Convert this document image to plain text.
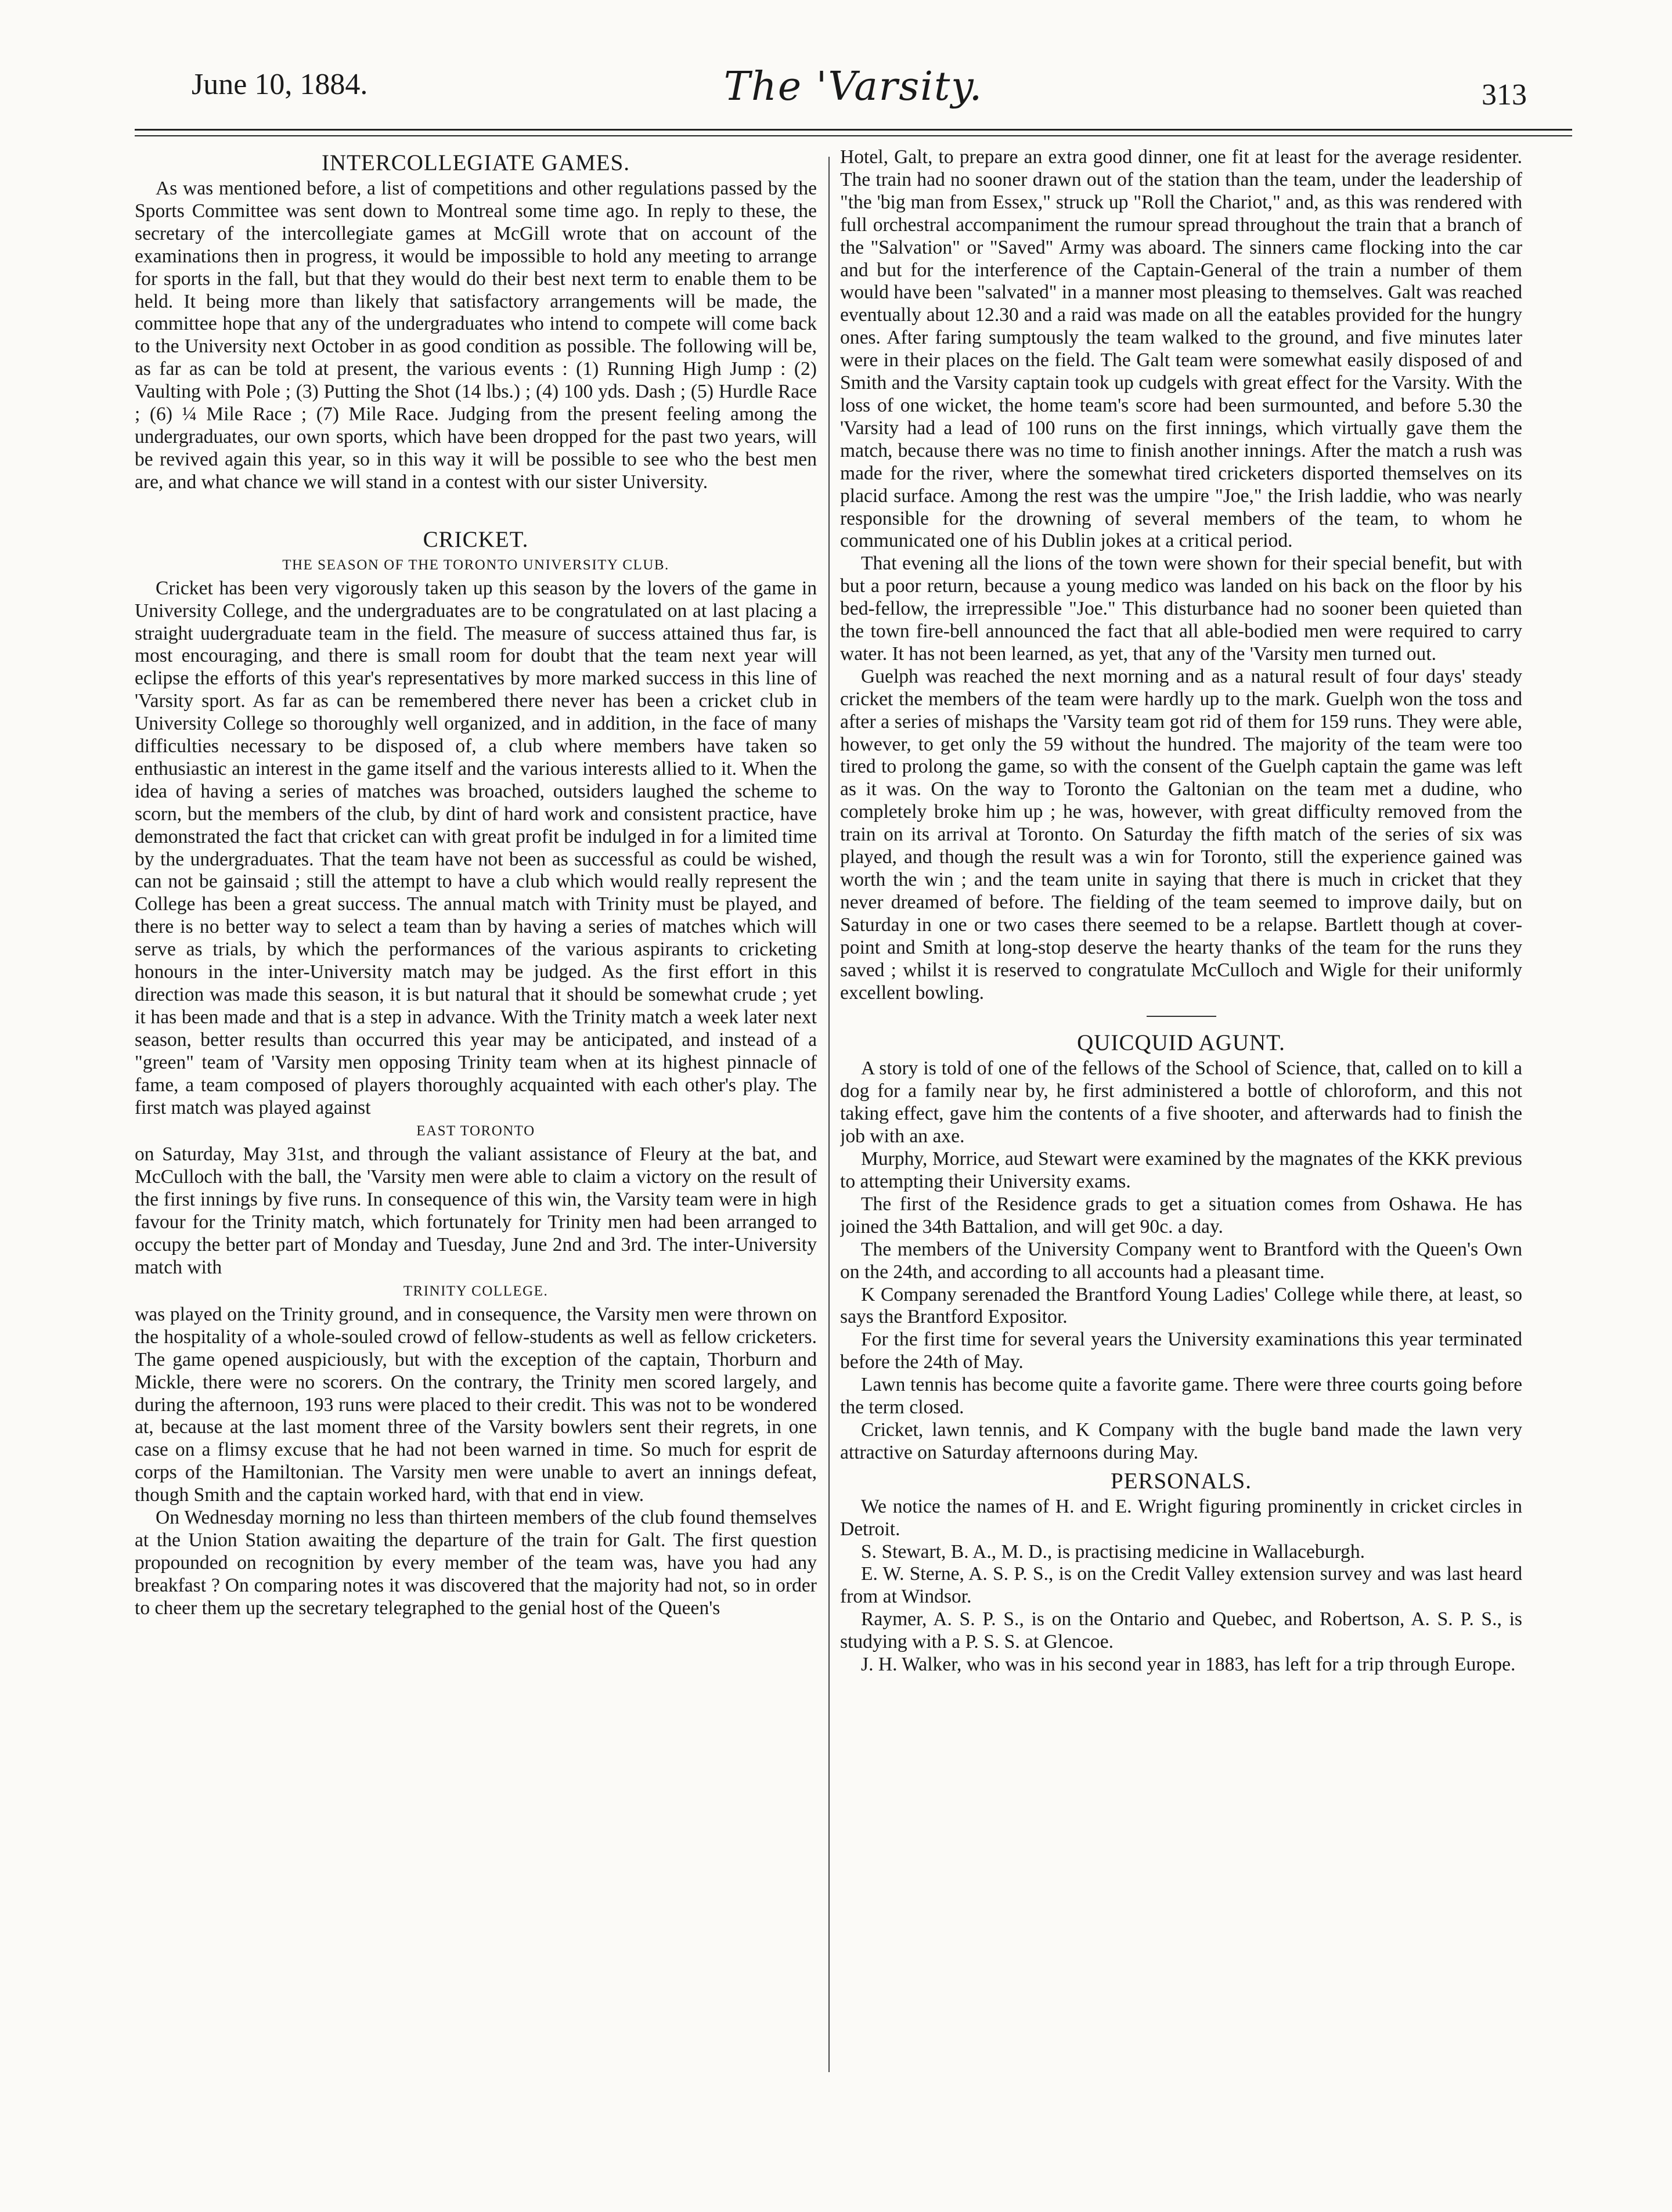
June 10, 1884.	The 'Varsity.	313
INTERCOLLEGIATE GAMES.

As was mentioned before, a list of competitions and other regulations passed by the Sports Committee was sent down to Montreal some time ago. In reply to these, the secretary of the intercollegiate games at McGill wrote that on account of the examinations then in progress, it would be impossible to hold any meeting to arrange for sports in the fall, but that they would do their best next term to enable them to be held. It being more than likely that satisfactory arrangements will be made, the committee hope that any of the undergraduates who intend to compete will come back to the University next October in as good condition as possible. The following will be, as far as can be told at present, the various events : (1) Running High Jump : (2) Vaulting with Pole ; (3) Putting the Shot (14 lbs.) ; (4) 100 yds. Dash ; (5) Hurdle Race ; (6) ¼ Mile Race ; (7) Mile Race. Judging from the present feeling among the undergraduates, our own sports, which have been dropped for the past two years, will be revived again this year, so in this way it will be possible to see who the best men are, and what chance we will stand in a contest with our sister University.

CRICKET.
THE SEASON OF THE TORONTO UNIVERSITY CLUB.

Cricket has been very vigorously taken up this season by the lovers of the game in University College, and the undergraduates are to be congratulated on at last placing a straight uudergraduate team in the field. The measure of success attained thus far, is most encouraging, and there is small room for doubt that the team next year will eclipse the efforts of this year's representatives by more marked success in this line of 'Varsity sport. As far as can be remembered there never has been a cricket club in University College so thoroughly well organized, and in addition, in the face of many difficulties necessary to be disposed of, a club where members have taken so enthusiastic an interest in the game itself and the various interests allied to it. When the idea of having a series of matches was broached, outsiders laughed the scheme to scorn, but the members of the club, by dint of hard work and consistent practice, have demonstrated the fact that cricket can with great profit be indulged in for a limited time by the undergraduates. That the team have not been as successful as could be wished, can not be gainsaid ; still the attempt to have a club which would really represent the College has been a great success. The annual match with Trinity must be played, and there is no better way to select a team than by having a series of matches which will serve as trials, by which the performances of the various aspirants to cricketing honours in the inter-University match may be judged. As the first effort in this direction was made this season, it is but natural that it should be somewhat crude ; yet it has been made and that is a step in advance. With the Trinity match a week later next season, better results than occurred this year may be anticipated, and instead of a "green" team of 'Varsity men opposing Trinity team when at its highest pinnacle of fame, a team composed of players thoroughly acquainted with each other's play. The first match was played against

EAST TORONTO

on Saturday, May 31st, and through the valiant assistance of Fleury at the bat, and McCulloch with the ball, the 'Varsity men were able to claim a victory on the result of the first innings by five runs. In consequence of this win, the Varsity team were in high favour for the Trinity match, which fortunately for Trinity men had been arranged to occupy the better part of Monday and Tuesday, June 2nd and 3rd. The inter-University match with

TRINITY COLLEGE.

was played on the Trinity ground, and in consequence, the Varsity men were thrown on the hospitality of a whole-souled crowd of fellow-students as well as fellow cricketers. The game opened auspiciously, but with the exception of the captain, Thorburn and Mickle, there were no scorers. On the contrary, the Trinity men scored largely, and during the afternoon, 193 runs were placed to their credit. This was not to be wondered at, because at the last moment three of the Varsity bowlers sent their regrets, in one case on a flimsy excuse that he had not been warned in time. So much for esprit de corps of the Hamiltonian. The Varsity men were unable to avert an innings defeat, though Smith and the captain worked hard, with that end in view.

On Wednesday morning no less than thirteen members of the club found themselves at the Union Station awaiting the departure of the train for Galt. The first question propounded on recognition by every member of the team was, have you had any breakfast ? On comparing notes it was discovered that the majority had not, so in order to cheer them up the secretary telegraphed to the genial host of the Queen's

Hotel, Galt, to prepare an extra good dinner, one fit at least for the average residenter. The train had no sooner drawn out of the station than the team, under the leadership of "the 'big man from Essex," struck up "Roll the Chariot," and, as this was rendered with full orchestral accompaniment the rumour spread throughout the train that a branch of the "Salvation" or "Saved" Army was aboard. The sinners came flocking into the car and but for the interference of the Captain-General of the train a number of them would have been "salvated" in a manner most pleasing to themselves. Galt was reached eventually about 12.30 and a raid was made on all the eatables provided for the hungry ones. After faring sumptously the team walked to the ground, and five minutes later were in their places on the field. The Galt team were somewhat easily disposed of and Smith and the Varsity captain took up cudgels with great effect for the Varsity. With the loss of one wicket, the home team's score had been surmounted, and before 5.30 the 'Varsity had a lead of 100 runs on the first innings, which virtually gave them the match, because there was no time to finish another innings. After the match a rush was made for the river, where the somewhat tired cricketers disported themselves on its placid surface. Among the rest was the umpire "Joe," the Irish laddie, who was nearly responsible for the drowning of several members of the team, to whom he communicated one of his Dublin jokes at a critical period.

That evening all the lions of the town were shown for their special benefit, but with but a poor return, because a young medico was landed on his back on the floor by his bed-fellow, the irrepressible "Joe." This disturbance had no sooner been quieted than the town fire-bell announced the fact that all able-bodied men were required to carry water. It has not been learned, as yet, that any of the 'Varsity men turned out.

Guelph was reached the next morning and as a natural result of four days' steady cricket the members of the team were hardly up to the mark. Guelph won the toss and after a series of mishaps the 'Varsity team got rid of them for 159 runs. They were able, however, to get only the 59 without the hundred. The majority of the team were too tired to prolong the game, so with the consent of the Guelph captain the game was left as it was. On the way to Toronto the Galtonian on the team met a dudine, who completely broke him up ; he was, however, with great difficulty removed from the train on its arrival at Toronto. On Saturday the fifth match of the series of six was played, and though the result was a win for Toronto, still the experience gained was worth the win ; and the team unite in saying that there is much in cricket that they never dreamed of before. The fielding of the team seemed to improve daily, but on Saturday in one or two cases there seemed to be a relapse. Bartlett though at cover-point and Smith at long-stop deserve the hearty thanks of the team for the runs they saved ; whilst it is reserved to congratulate McCulloch and Wigle for their uniformly excellent bowling.

QUICQUID AGUNT.

A story is told of one of the fellows of the School of Science, that, called on to kill a dog for a family near by, he first administered a bottle of chloroform, and this not taking effect, gave him the contents of a five shooter, and afterwards had to finish the job with an axe.

Murphy, Morrice, aud Stewart were examined by the magnates of the KKK previous to attempting their University exams.

The first of the Residence grads to get a situation comes from Oshawa. He has joined the 34th Battalion, and will get 90c. a day.

The members of the University Company went to Brantford with the Queen's Own on the 24th, and according to all accounts had a pleasant time.

K Company serenaded the Brantford Young Ladies' College while there, at least, so says the Brantford Expositor.

For the first time for several years the University examinations this year terminated before the 24th of May.

Lawn tennis has become quite a favorite game. There were three courts going before the term closed.

Cricket, lawn tennis, and K Company with the bugle band made the lawn very attractive on Saturday afternoons during May.

PERSONALS.

We notice the names of H. and E. Wright figuring prominently in cricket circles in Detroit.

S. Stewart, B. A., M. D., is practising medicine in Wallaceburgh.

E. W. Sterne, A. S. P. S., is on the Credit Valley extension survey and was last heard from at Windsor.

Raymer, A. S. P. S., is on the Ontario and Quebec, and Robertson, A. S. P. S., is studying with a P. S. S. at Glencoe.

J. H. Walker, who was in his second year in 1883, has left for a trip through Europe.
